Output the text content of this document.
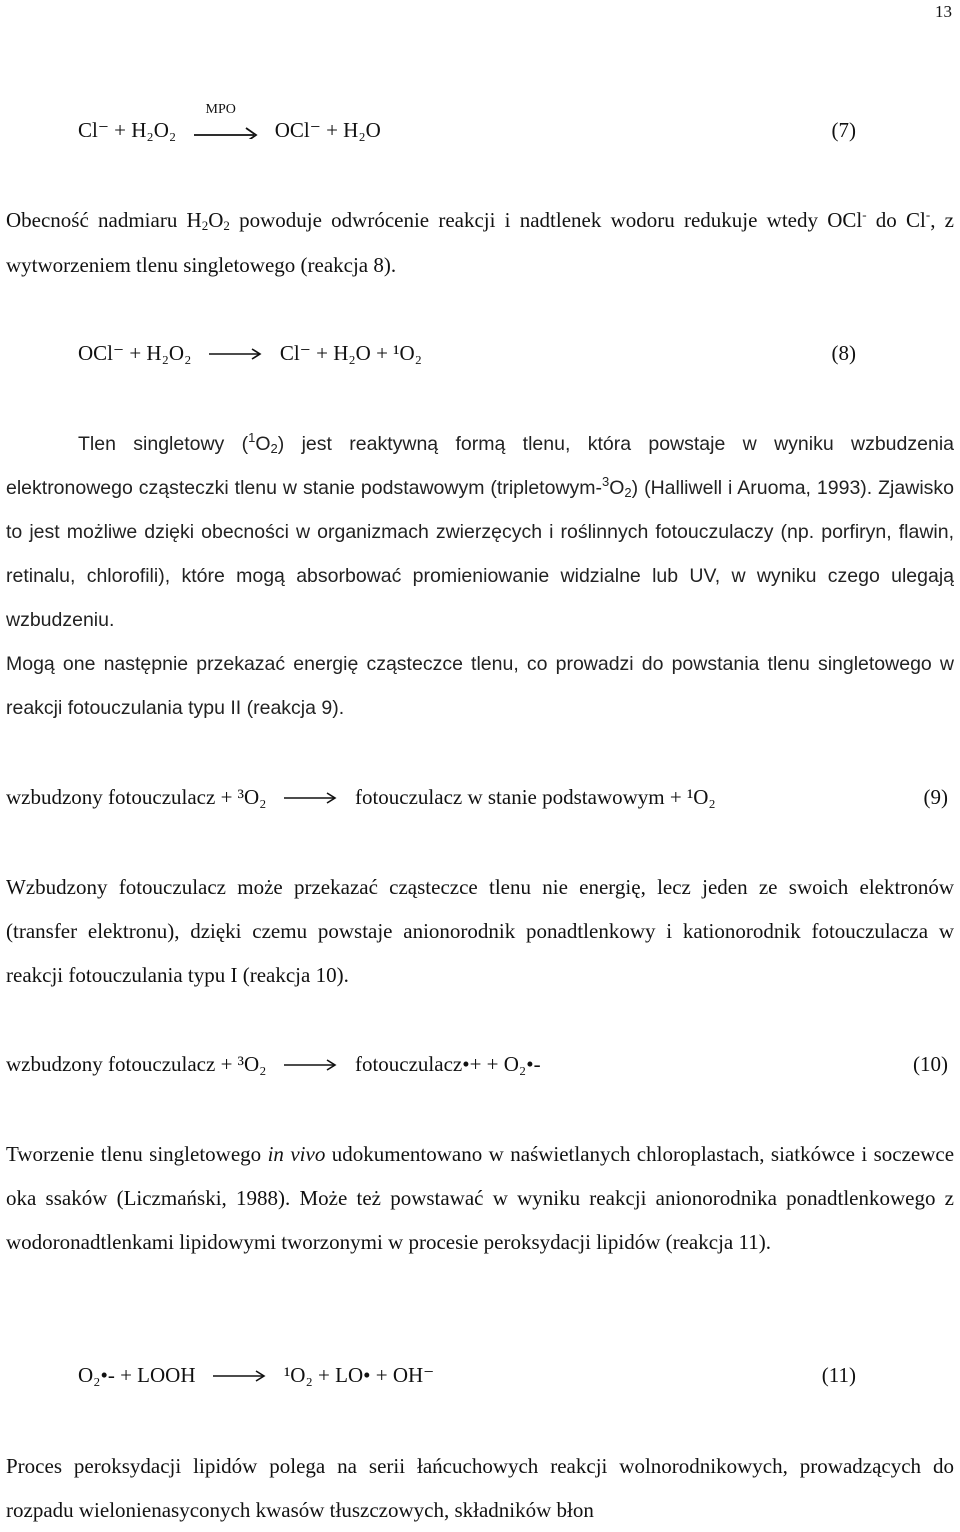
13
Cl⁻ + H₂O₂
MPO
OCl⁻ + H₂O	(7)

Obecność nadmiaru $H_2O_2$ powoduje odwrócenie reakcji i nadtlenek wodoru redukuje wtedy OCl- do Cl-, z wytworzeniem tlenu singletowego (reakcja 8).

OCl⁻ + H₂O₂ → Cl⁻ + H₂O + ¹O₂	(8)

Tlen singletowy $(^1O_2)$ jest reaktywną formą tlenu, która powstaje w wyniku wzbudzenia elektronowego cząsteczki tlenu w stanie podstawowym $(tripletowym-^3O_2)$ (Halliwell i Aruoma, 1993). Zjawisko to jest możliwe dzięki obecności w organizmach zwierzęcych i roślinnych fotouczulaczy (np. porfiryn, flawin, retinalu, chlorofili), które mogą absorbować promieniowanie widzialne lub UV, w wyniku czego ulegają wzbudzeniu.

Mogą one następnie przekazać energię cząsteczce tlenu, co prowadzi do powstania tlenu singletowego w reakcji fotouczulania typu II (reakcja 9).

wzbudzony fotouczulacz + ³O₂ → fotouczulacz w stanie podstawowym + ¹O₂	(9)

Wzbudzony fotouczulacz może przekazać cząsteczce tlenu nie energię, lecz jeden ze swoich elektronów (transfer elektronu), dzięki czemu powstaje anionorodnik ponadtlenkowy i kationorodnik fotouczulacza w reakcji fotouczulania typu I (reakcja 10).

wzbudzony fotouczulacz + ³O₂ → fotouczulacz•+ + O₂•-	(10)

Tworzenie tlenu singletowego in vivo udokumentowano w naświetlanych chloroplastach, siatkówce i soczewce oka ssaków (Liczmański, 1988). Może też powstawać w wyniku reakcji anionorodnika ponadtlenkowego z wodoronadtlenkami lipidowymi tworzonymi w procesie peroksydacji lipidów (reakcja 11).

O₂•- + LOOH → ¹O₂ + LO• + OH⁻	(11)

Proces peroksydacji lipidów polega na serii łańcuchowych reakcji wolnorodnikowych, prowadzących do rozpadu wielonienasyconych kwasów tłuszczowych, składników błon
